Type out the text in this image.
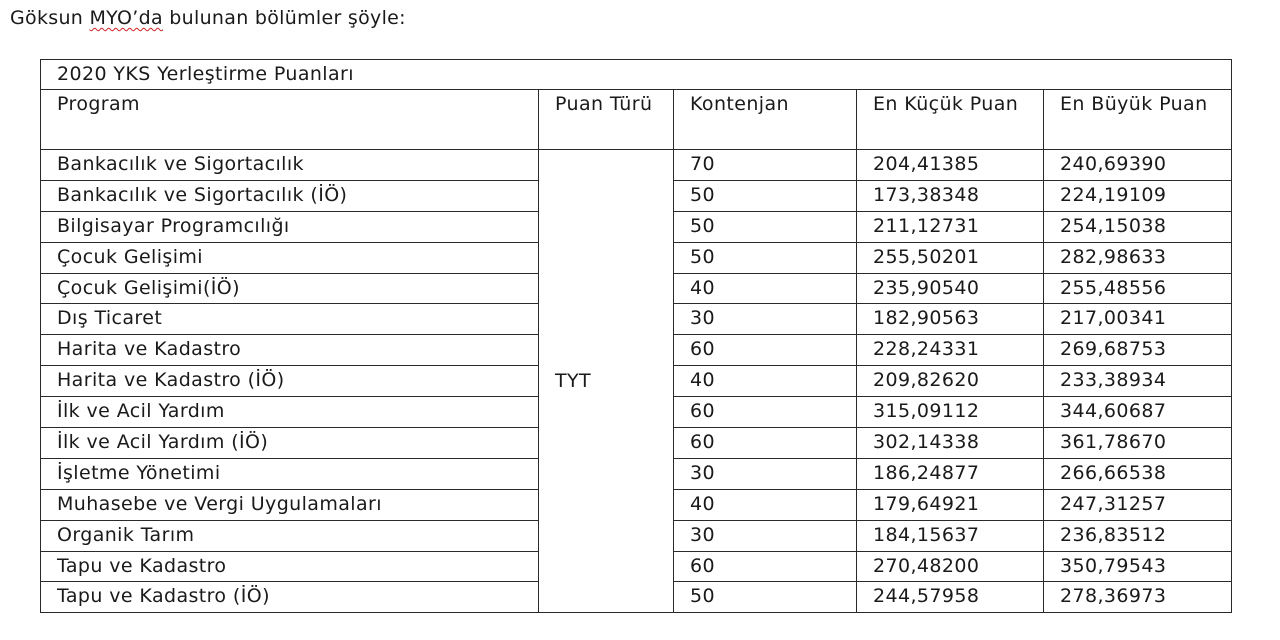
Göksun MYO’da bulunan bölümler şöyle:
2020 YKS Yerleştirme Puanları				
Program	Puan Türü	Kontenjan	En Küçük Puan	En Büyük Puan
Bankacılık ve Sigortacılık	TYT	70	204,41385	240,69390
Bankacılık ve Sigortacılık (İÖ)		50	173,38348	224,19109
Bilgisayar Programcılığı		50	211,12731	254,15038
Çocuk Gelişimi		50	255,50201	282,98633
Çocuk Gelişimi(İÖ)		40	235,90540	255,48556
Dış Ticaret		30	182,90563	217,00341
Harita ve Kadastro		60	228,24331	269,68753
Harita ve Kadastro (İÖ)		40	209,82620	233,38934
İlk ve Acil Yardım		60	315,09112	344,60687
İlk ve Acil Yardım (İÖ)		60	302,14338	361,78670
İşletme Yönetimi		30	186,24877	266,66538
Muhasebe ve Vergi Uygulamaları		40	179,64921	247,31257
Organik Tarım		30	184,15637	236,83512
Tapu ve Kadastro		60	270,48200	350,79543
Tapu ve Kadastro (İÖ)		50	244,57958	278,36973
